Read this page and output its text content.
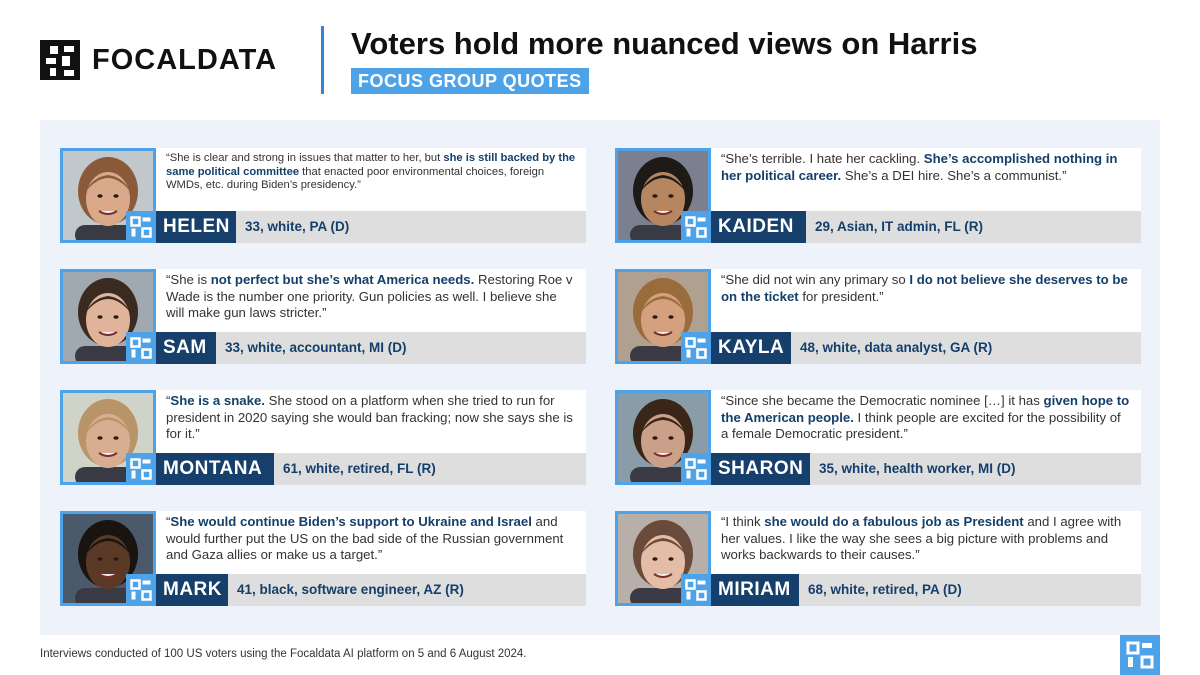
FOCALDATA Voters hold more nuanced views on Harris
FOCUS GROUP QUOTES
“She is clear and strong in issues that matter to her, but she is still backed by the same political committee that enacted poor environmental choices, foreign WMDs, etc. during Biden’s presidency.”
HELEN	33, white, PA (D)
“She’s terrible. I hate her cackling. She’s accomplished nothing in her political career. She’s a DEI hire. She’s a communist.”
KAIDEN	29, Asian, IT admin, FL (R)
“She is not perfect but she’s what America needs. Restoring Roe v Wade is the number one priority. Gun policies as well. I believe she will make gun laws stricter.”
SAM	33, white, accountant, MI (D)
“She did not win any primary so I do not believe she deserves to be on the ticket for president.”
KAYLA	48, white, data analyst, GA (R)
“She is a snake. She stood on a platform when she tried to run for president in 2020 saying she would ban fracking; now she says she is for it.”
MONTANA	61, white, retired, FL (R)
“Since she became the Democratic nominee […] it has given hope to the American people. I think people are excited for the possibility of a female Democratic president.”
SHARON	35, white, health worker, MI (D)
“She would continue Biden’s support to Ukraine and Israel and would further put the US on the bad side of the Russian government and Gaza allies or make us a target.”
MARK	41, black, software engineer, AZ (R)
“I think she would do a fabulous job as President and I agree with her values. I like the way she sees a big picture with problems and works backwards to their causes.”
MIRIAM	68, white, retired, PA (D)
Interviews conducted of 100 US voters using the Focaldata AI platform on 5 and 6 August 2024.
